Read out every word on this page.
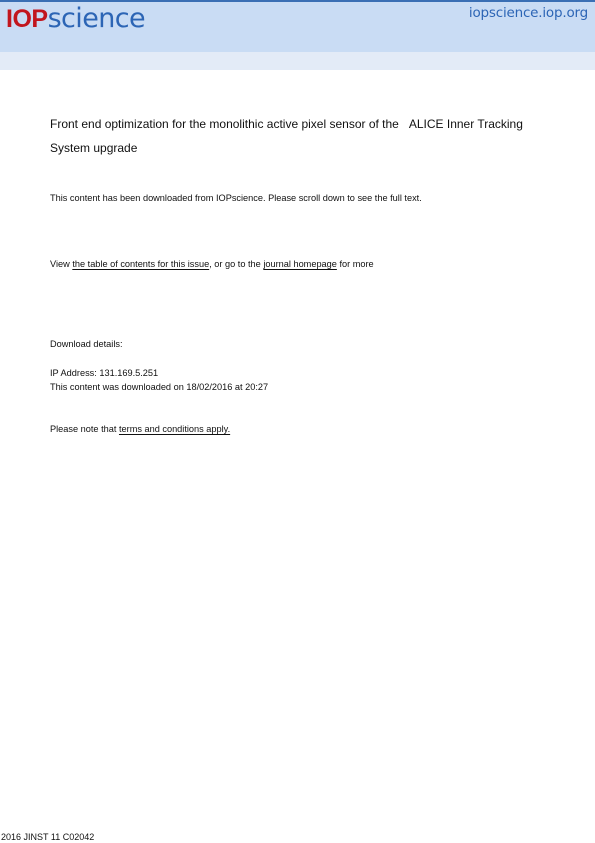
IOPscience	iopscience.iop.org
Front end optimization for the monolithic active pixel sensor of the ALICE Inner Tracking System upgrade
This content has been downloaded from IOPscience. Please scroll down to see the full text.
View the table of contents for this issue, or go to the journal homepage for more
Download details:
IP Address: 131.169.5.251
This content was downloaded on 18/02/2016 at 20:27
Please note that terms and conditions apply.
2016 JINST 11 C02042
